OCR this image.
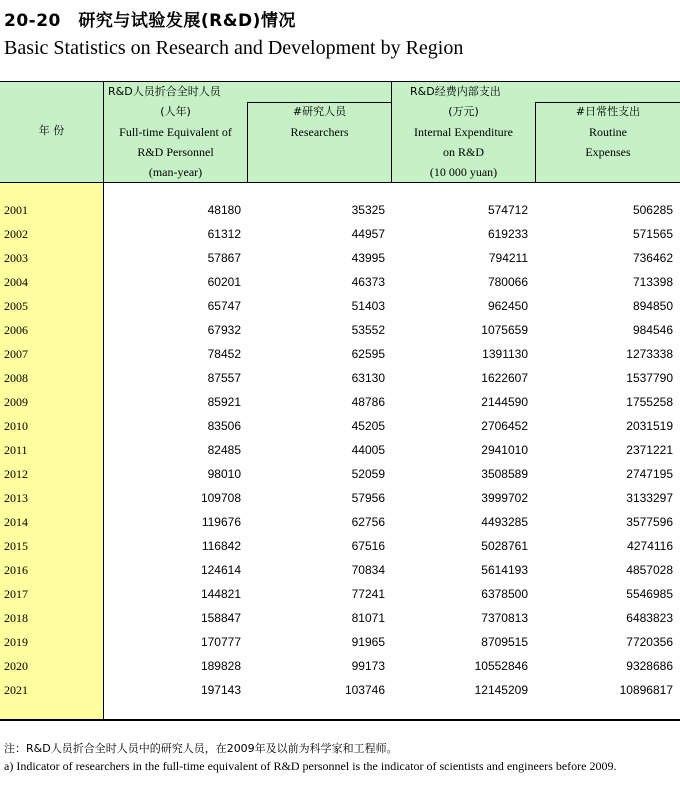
20-20　研究与试验发展(R&D)情况
Basic Statistics on Research and Development by Region
年 份
R&D人员折合全时人员
(人年)
Full-time Equivalent of
R&D Personnel
(man-year)
#研究人员
Researchers
R&D经费内部支出
(万元)
Internal Expenditure
on R&D
(10 000 yuan)
#日常性支出
Routine
Expenses
2001	48180	35325	574712	506285
2002	61312	44957	619233	571565
2003	57867	43995	794211	736462
2004	60201	46373	780066	713398
2005	65747	51403	962450	894850
2006	67932	53552	1075659	984546
2007	78452	62595	1391130	1273338
2008	87557	63130	1622607	1537790
2009	85921	48786	2144590	1755258
2010	83506	45205	2706452	2031519
2011	82485	44005	2941010	2371221
2012	98010	52059	3508589	2747195
2013	109708	57956	3999702	3133297
2014	119676	62756	4493285	3577596
2015	116842	67516	5028761	4274116
2016	124614	70834	5614193	4857028
2017	144821	77241	6378500	5546985
2018	158847	81071	7370813	6483823
2019	170777	91965	8709515	7720356
2020	189828	99173	10552846	9328686
2021	197143	103746	12145209	10896817
注：R&D人员折合全时人员中的研究人员，在2009年及以前为科学家和工程师。
a) Indicator of researchers in the full-time equivalent of R&D personnel is the indicator of scientists and engineers before 2009.
